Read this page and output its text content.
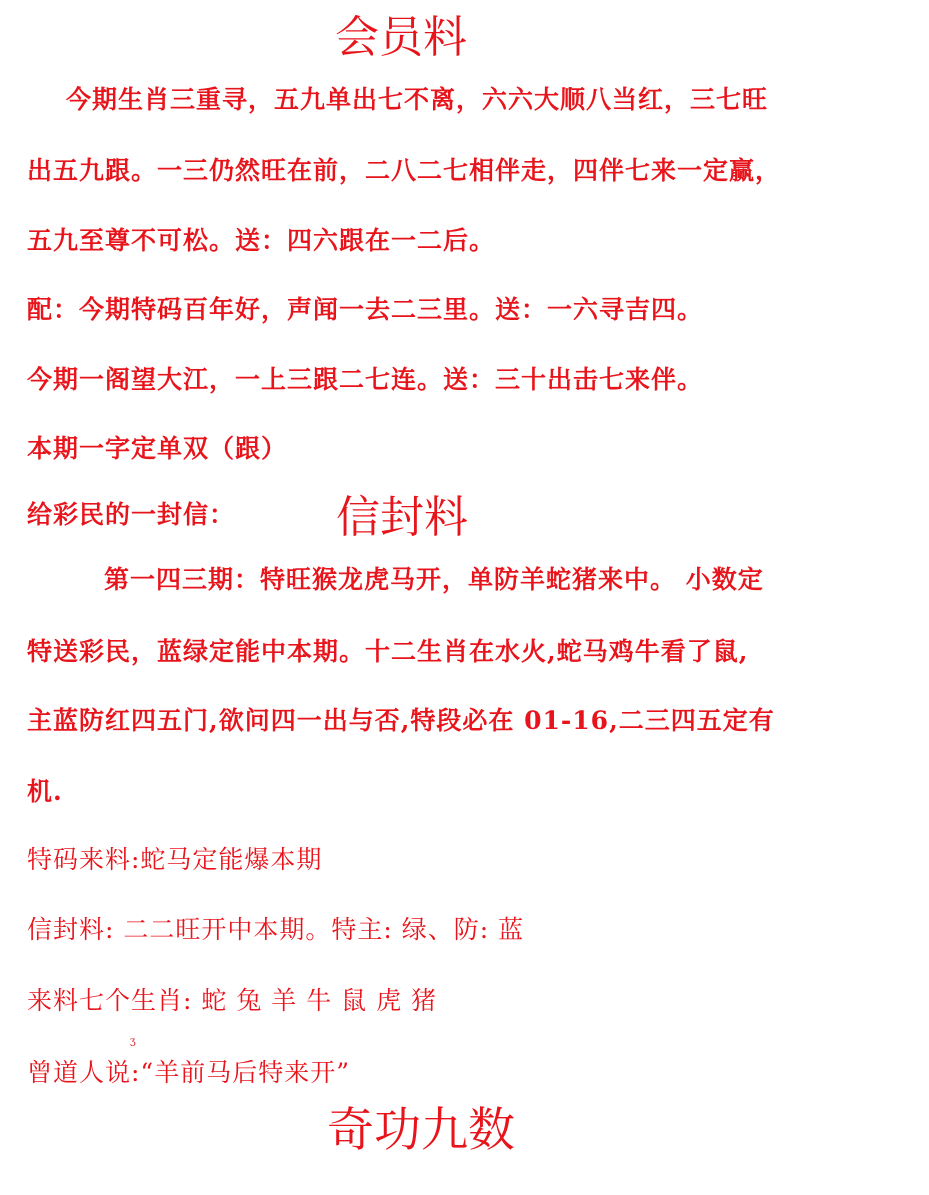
会员料
信封料
奇功九数
今期生肖三重寻，五九单出七不离，六六大顺八当红，三七旺
出五九跟。一三仍然旺在前，二八二七相伴走，四伴七来一定赢，
五九至尊不可松。送：四六跟在一二后。
配：今期特码百年好，声闻一去二三里。送：一六寻吉四。
今期一阁望大江，一上三跟二七连。送：三十出击七来伴。
本期一字定单双（跟）
给彩民的一封信：
第一四三期：特旺猴龙虎马开，单防羊蛇猪来中。 小数定
特送彩民，蓝绿定能中本期。十二生肖在水火,蛇马鸡牛看了鼠,
主蓝防红四五门,欲问四一出与否,特段必在 01-16,二三四五定有
机.
特码来料:蛇马定能爆本期
信封料: 二二旺开中本期。特主: 绿、防: 蓝
来料七个生肖: 蛇 兔 羊 牛 鼠 虎 猪
ʒ
曾道人说:“羊前马后特来开”
